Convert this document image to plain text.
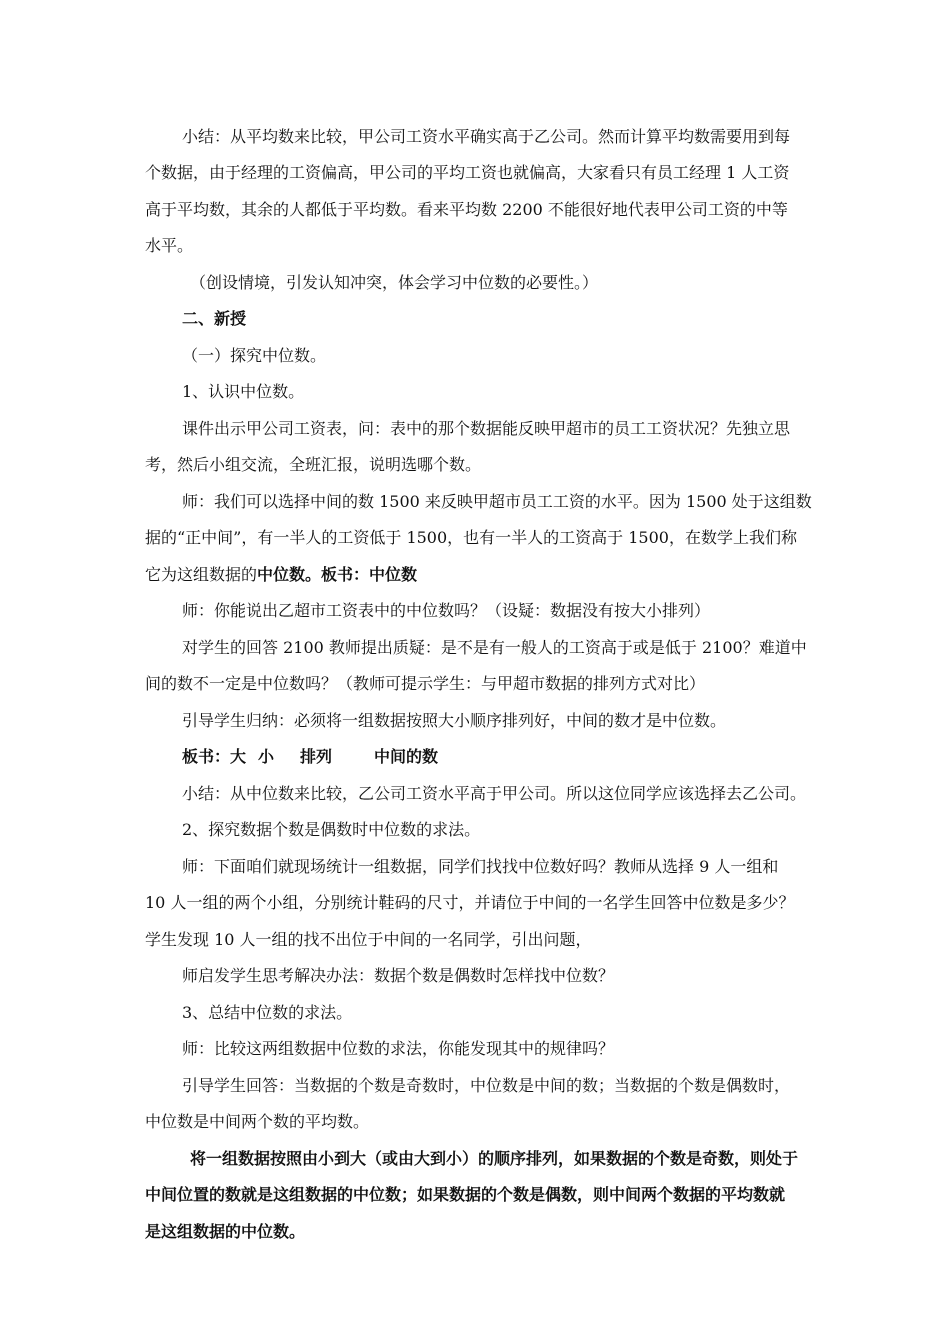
小结：从平均数来比较，甲公司工资水平确实高于乙公司。然而计算平均数需要用到每
个数据，由于经理的工资偏高，甲公司的平均工资也就偏高，大家看只有员工经理 1 人工资
高于平均数，其余的人都低于平均数。看来平均数 2200 不能很好地代表甲公司工资的中等
水平。
（创设情境，引发认知冲突，体会学习中位数的必要性。）
二、新授
（一）探究中位数。
1、认识中位数。
课件出示甲公司工资表，问：表中的那个数据能反映甲超市的员工工资状况？先独立思
考，然后小组交流，全班汇报，说明选哪个数。
师：我们可以选择中间的数 1500 来反映甲超市员工工资的水平。因为 1500 处于这组数
据的“正中间”，有一半人的工资低于 1500，也有一半人的工资高于 1500，在数学上我们称
它为这组数据的中位数。板书：中位数
师：你能说出乙超市工资表中的中位数吗？（设疑：数据没有按大小排列）
对学生的回答 2100 教师提出质疑：是不是有一般人的工资高于或是低于 2100？难道中
间的数不一定是中位数吗？（教师可提示学生：与甲超市数据的排列方式对比）
引导学生归纳：必须将一组数据按照大小顺序排列好，中间的数才是中位数。
板书：大 小 排列	中间的数
小结：从中位数来比较，乙公司工资水平高于甲公司。所以这位同学应该选择去乙公司。
2、探究数据个数是偶数时中位数的求法。
师：下面咱们就现场统计一组数据，同学们找找中位数好吗？教师从选择 9 人一组和
10 人一组的两个小组，分别统计鞋码的尺寸，并请位于中间的一名学生回答中位数是多少？
学生发现 10 人一组的找不出位于中间的一名同学，引出问题，
师启发学生思考解决办法：数据个数是偶数时怎样找中位数？
3、总结中位数的求法。
师：比较这两组数据中位数的求法，你能发现其中的规律吗？
引导学生回答：当数据的个数是奇数时，中位数是中间的数；当数据的个数是偶数时，
中位数是中间两个数的平均数。
将一组数据按照由小到大（或由大到小）的顺序排列，如果数据的个数是奇数，则处于
中间位置的数就是这组数据的中位数；如果数据的个数是偶数，则中间两个数据的平均数就
是这组数据的中位数。
